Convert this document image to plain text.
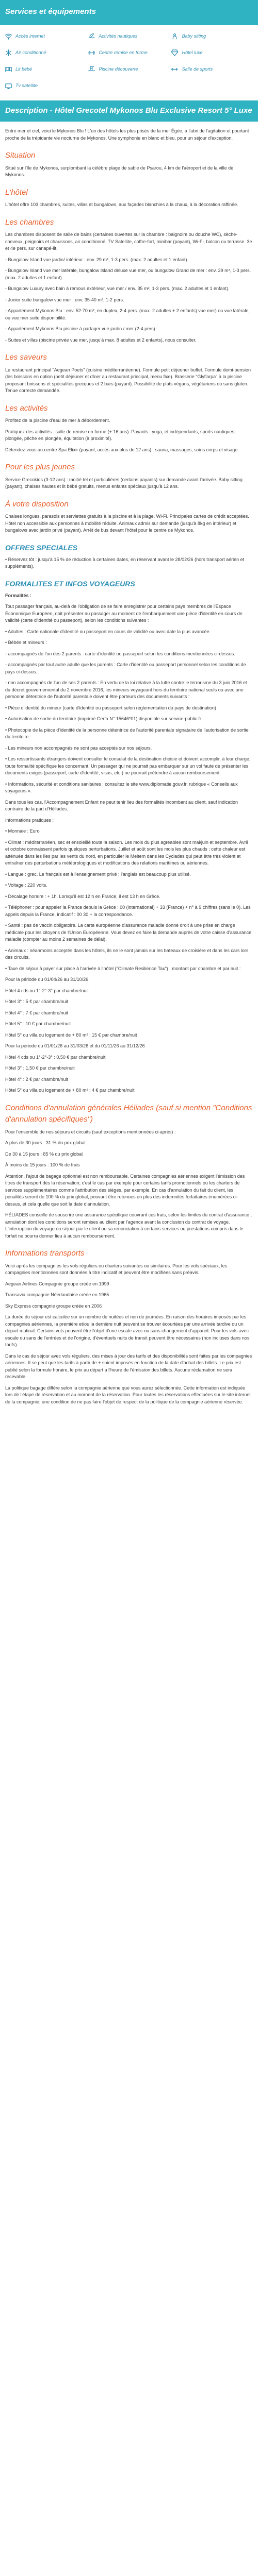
Services et équipements
Accès internet	Activités nautiques	Baby sitting
Air conditionné	Centre remise en forme	Hôtel luxe
Lit bébé	Piscine découverte	Salle de sports
Tv satellite
Description - Hôtel Grecotel Mykonos Blu Exclusive Resort 5° Luxe

Entre mer et ciel, voici le Mykonos Blu ! L'un des hôtels les plus prisés de la mer Égée, à l'abri de l'agitation et pourtant proche de la trépidante vie nocturne de Mykonos. Une symphonie en blanc et bleu, pour un séjour d'exception.

Situation

Situé sur l'île de Mykonos, surplombant la célèbre plage de sable de Psarou, 4 km de l'aéroport et de la ville de Mykonos.

L'hôtel

L'hôtel offre 103 chambres, suites, villas et bungalows, aux façades blanchies à la chaux, à la décoration raffinée.

Les chambres

Les chambres disposent de salle de bains (certaines ouvertes sur la chambre : baignoire ou douche WC), sèche-cheveux, peignoirs et chaussons, air conditionné, TV Satellite, coffre-fort, minibar (payant), Wi-Fi, balcon ou terrasse. 3e et 4e pers. sur canapé-lit.

- Bungalow Island vue jardin/ intérieur : env. 29 m², 1-3 pers. (max. 2 adultes et 1 enfant).

- Bungalow Island vue mer latérale, bungalow Island deluxe vue mer, ou bungalow Grand de mer : env. 29 m², 1-3 pers. (max. 2 adultes et 1 enfant).

- Bungalow Luxury avec bain à remous extérieur, vue mer / env. 35 m², 1-3 pers. (max. 2 adultes et 1 enfant).

- Junior suite bungalow vue mer : env. 35-40 m², 1-2 pers.

- Appartement Mykonos Blu : env. 52-70 m², en duplex, 2-4 pers. (max. 2 adultes + 2 enfants) vue mer) ou vue latérale, ou vue mer suite disponibilité.

- Appartement Mykonos Blu piscine à partager vue jardin / mer (2-4 pers).

- Suites et villas (piscine privée vue mer, jusqu'à max. 8 adultes et 2 enfants), nous consulter.

Les saveurs

Le restaurant principal "Aegean Poets" (cuisine méditerranéenne). Formule petit déjeuner buffet. Formule demi-pension (les boissons en option (petit déjeuner et dîner au restaurant principal, menu fixe). Brasserie "Glyf'arpa" à la piscine proposant boissons et spécialités grecques et 2 bars (payant). Possibilité de plats végans, végétariens ou sans gluten. Tenue correcte demandée.

Les activités

Profitez de la piscine d'eau de mer à débordement.

Pratiquez des activités : salle de remise en forme (+ 16 ans). Payants : yoga, et indépendants, sports nautiques, plongée, pêche en plongée, équitation (à proximité).

Détendez-vous au centre Spa Elixir (payant; accès aux plus de 12 ans) : sauna, massages, soins corps et visage.

Pour les plus jeunes

Service Grecokids (3-12 ans) : moitié tel et particulières (certains payants) sur demande avant l'arrivée. Baby sitting (payant), chaises hautes et lit bébé gratuits, menus enfants spéciaux jusqu'à 12 ans.

À votre disposition

Chaises longues, parasols et serviettes gratuits à la piscine et à la plage. Wi-Fi. Principales cartes de crédit acceptées. Hôtel non accessible aux personnes à mobilité réduite. Animaux admis sur demande (jusqu'à 8kg en intérieur) et bungalows avec jardin privé (payant). Arrêt de bus devant l'hôtel pour le centre de Mykonos.

OFFRES SPECIALES

• Réservez tôt : jusqu'à 15 % de réduction à certaines dates, en réservant avant le 28/02/26 (hors transport aérien et suppléments).

FORMALITES ET INFOS VOYAGEURS

Formalités :

Tout passager français, au-delà de l'obligation de se faire enregistrer pour certains pays membres de l'Espace Économique Européen, doit présenter au passager au moment de l'embarquement une pièce d'identité en cours de validité (carte d'identité ou passeport), selon les conditions suivantes :

• Adultes : Carte nationale d'identité ou passeport en cours de validité ou avec date la plus avancée.

• Bébés et mineurs :

- accompagnés de l'un des 2 parents : carte d'identité ou passeport selon les conditions mentionnées ci-dessus.

- accompagnés par tout autre adulte que les parents : Carte d'identité ou passeport personnel selon les conditions de pays ci-dessus.

- non accompagnés de l'un de ses 2 parents : En vertu de la loi relative à la lutte contre le terrorisme du 3 juin 2016 et du décret gouvernemental du 2 novembre 2016, les mineurs voyageant hors du territoire national seuls ou avec une personne détentrice de l'autorité parentale doivent être porteurs des documents suivants :

• Pièce d'identité du mineur (carte d'identité ou passeport selon réglementation du pays de destination)

• Autorisation de sortie du territoire (imprimé Cerfa N° 15646*01) disponible sur service-public.fr

• Photocopie de la pièce d'identité de la personne détentrice de l'autorité parentale signataire de l'autorisation de sortie du territoire

- Les mineurs non accompagnés ne sont pas acceptés sur nos séjours.

• Les ressortissants étrangers doivent consulter le consulat de la destination choisie et doivent accomplir, à leur charge, toute formalité spécifique les concernant. Un passager qui ne pourrait pas embarquer sur un vol faute de présenter les documents exigés (passeport, carte d'identité, visas, etc.) ne pourrait prétendre à aucun remboursement.

• Informations, sécurité et conditions sanitaires : consultez le site www.diplomatie.gouv.fr, rubrique « Conseils aux voyageurs ».

Dans tous les cas, l'Accompagnement Enfant ne peut tenir lieu des formalités incombant au client, sauf indication contraire de la part d'Héliades.

Informations pratiques :

• Monnaie : Euro

• Climat : méditerranéen, sec et ensoleillé toute la saison. Les mois du plus agréables sont mai/juin et septembre. Avril et octobre connaissent parfois quelques perturbations. Juillet et août sont les mois les plus chauds ; cette chaleur est atténuée dans les îles par les vents du nord, en particulier le Meltem dans les Cyclades qui peut être très violent et entraîner des perturbations météorologiques et modifications des relations maritimes ou aériennes.

• Langue : grec. Le français est à l'enseignement privé ; l'anglais est beaucoup plus utilisé.

• Voltage : 220 volts.

• Décalage horaire : + 1h. Lorsqu'il est 12 h en France, il est 13 h en Grèce.

• Téléphoner : pour appeler la France depuis la Grèce : 00 (international) + 33 (France) + n° à 9 chiffres (sans le 0). Les appels depuis la France, indicatif : 00 30 + la correspondance.

• Santé : pas de vaccin obligatoire. La carte européenne d'assurance maladie donne droit à une prise en charge médicale pour les citoyens de l'Union Européenne. Vous devez en faire la demande auprès de votre caisse d'assurance maladie (compter au moins 2 semaines de délai).

• Animaux : néanmoins acceptés dans les hôtels, ils ne le sont jamais sur les bateaux de croisière et dans les cars lors des circuits.

• Taxe de séjour à payer sur place à l'arrivée à l'hôtel ("Climate Resilience Tax") : montant par chambre et par nuit :

Pour la période du 01/04/26 au 31/10/26

Hôtel 4 cds ou 1°-2°-3° par chambre/nuit

Hôtel 3° : 5 € par chambre/nuit

Hôtel 4° : 7 € par chambre/nuit

Hôtel 5° : 10 € par chambre/nuit

Hôtel 5° ou villa ou logement de + 80 m² : 15 € par chambre/nuit

Pour la période du 01/01/26 au 31/03/26 et du 01/11/26 au 31/12/26

Hôtel 4 cds ou 1°-2°-3° : 0,50 € par chambre/nuit

Hôtel 3° : 1,50 € par chambre/nuit

Hôtel 4° : 2 € par chambre/nuit

Hôtel 5° ou villa ou logement de + 80 m² : 4 € par chambre/nuit

Conditions d'annulation générales Héliades (sauf si mention "Conditions d'annulation spécifiques")

Pour l'ensemble de nos séjours et circuits (sauf exceptions mentionnées ci-après) :

A plus de 30 jours : 31 % du prix global

De 30 à 15 jours : 85 % du prix global

À moins de 15 jours : 100 % de frais

Attention, l'ajout de bagage optionnel est non remboursable. Certaines compagnies aériennes exigent l'émission des titres de transport dès la réservation; c'est le cas par exemple pour certains tarifs promotionnels ou les charters de services supplémentaires comme l'attribution des sièges, par exemple. En cas d'annulation du fait du client, les pénalités seront de 100 % du prix global, pouvant être retenues en plus des indemnités forfaitaires énumérées ci-dessus, et cela quelle que soit la date d'annulation.

HÉLIADES conseille de souscrire une assurance spécifique couvrant ces frais, selon les limites du contrat d'assurance ; annulation dont les conditions seront remises au client par l'agence avant la conclusion du contrat de voyage. L'interruption du voyage ou séjour par le client ou sa renonciation à certains services ou prestations compris dans le forfait ne pourra donner lieu à aucun remboursement.

Informations transports

Voici après les compagnies les vols réguliers ou charters suivantes ou similaires. Pour les vols spéciaux, les compagnies mentionnées sont données à titre indicatif et peuvent être modifiées sans préavis.

Aegean Airlines Compagnie groupe créée en 1999

Transavia compagnie Néerlandaise créée en 1965

Sky Express compagnie groupe créée en 2006

La durée du séjour est calculée sur un nombre de nuitées et non de journées. En raison des horaires imposés par les compagnies aériennes, la première et/ou la dernière nuit peuvent se trouver écourtées par une arrivée tardive ou un départ matinal. Certains vols peuvent être l'objet d'une escale avec ou sans changement d'appareil. Pour les vols avec escale ou sans de l'entrées et de l'origine, d'éventuels nuits de transit peuvent être nécessaires (non incluses dans nos tarifs).

Dans le cas de séjour avec vols réguliers, des mises à jour des tarifs et des disponibilités sont faites par les compagnies aériennes. Il se peut que les tarifs à partir de + soient imposés en fonction de la date d'achat des billets. Le prix est publié selon la formule horaire, le prix au départ a l'heure de l'émission des billets. Aucune réclamation ne sera recevable.

La politique bagage diffère selon la compagnie aérienne que vous aurez sélectionnée. Cette information est indiquée lors de l'étape de réservation et au moment de la réservation. Pour toutes les réservations effectuées sur le site internet de la compagnie, une condition de ne pas faire l'objet de respect de la politique de la compagnie aérienne réservée.
